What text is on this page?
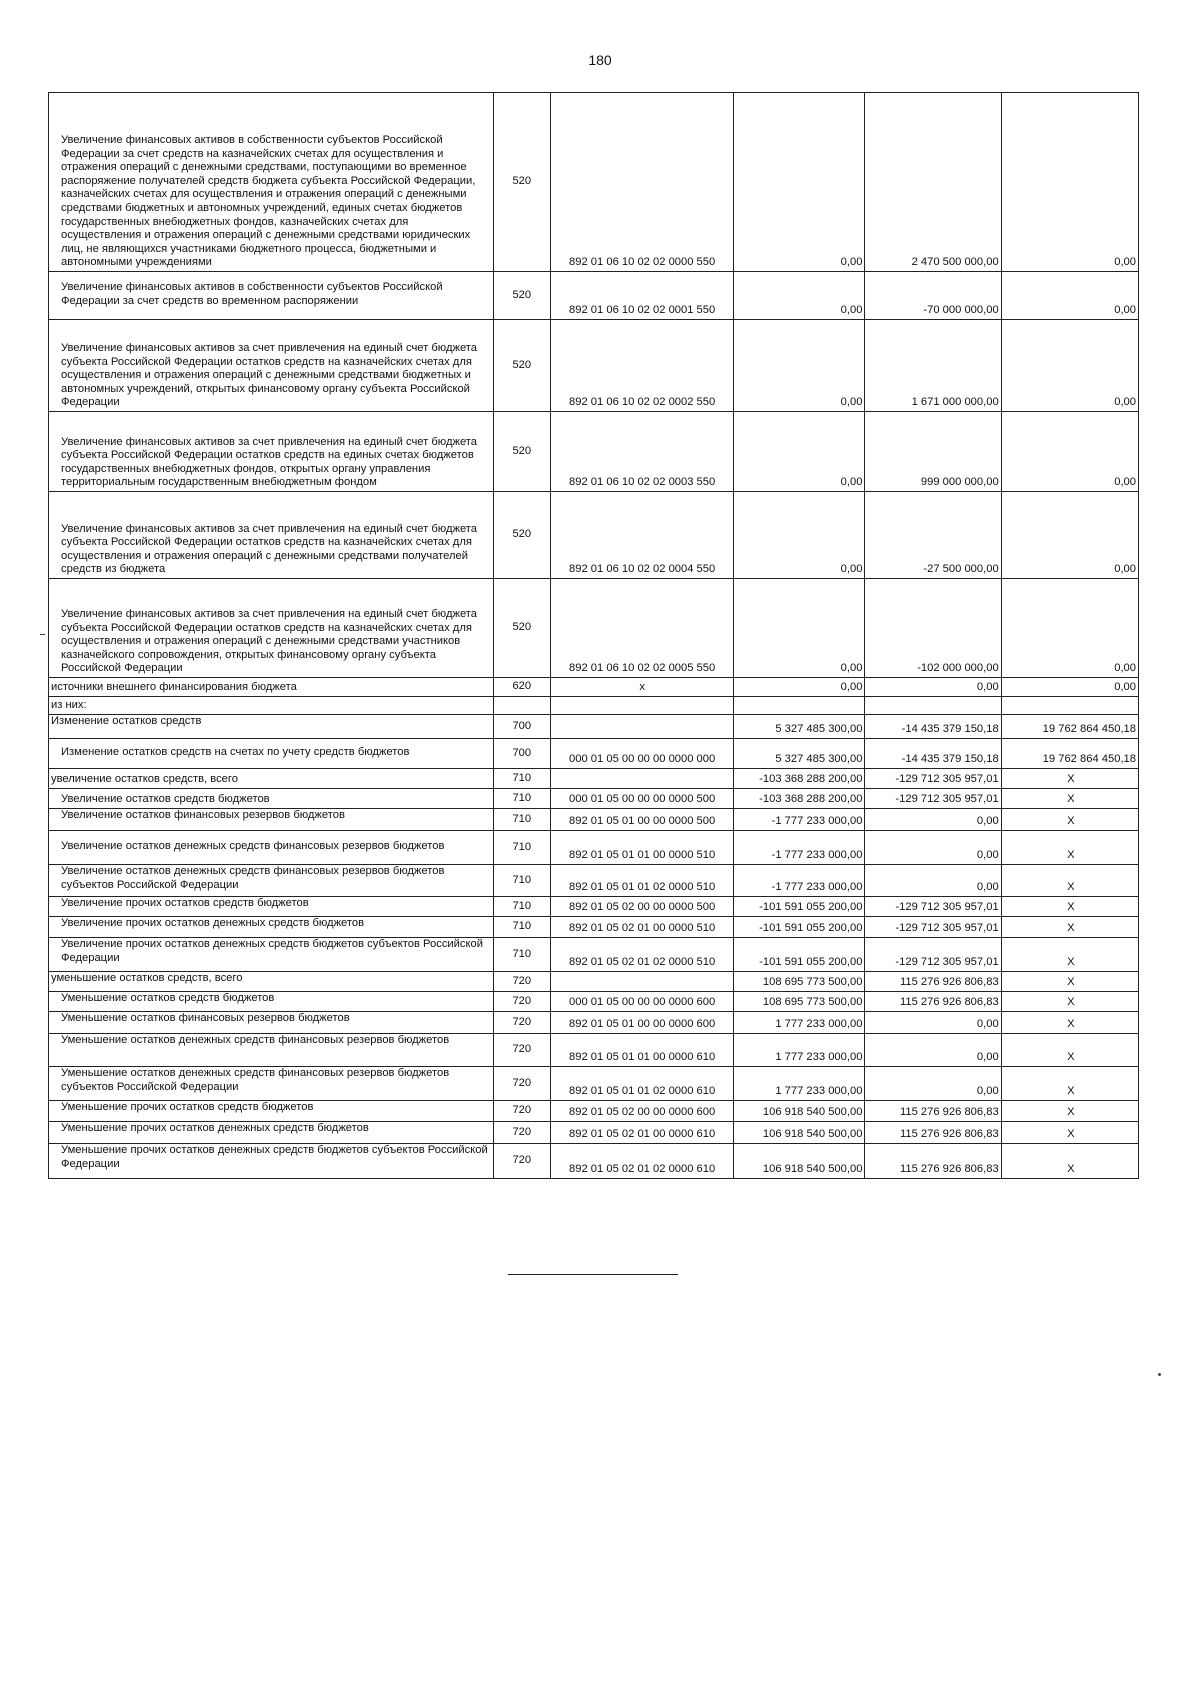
180
Увеличение финансовых активов в собственности субъектов Российской Федерации за счет средств на казначейских счетах для осуществления и отражения операций с денежными средствами, поступающими во временное распоряжение получателей средств бюджета субъекта Российской Федерации, казначейских счетах для осуществления и отражения операций с денежными средствами бюджетных и автономных учреждений, единых счетах бюджетов государственных внебюджетных фондов, казначейских счетах для осуществления и отражения операций с денежными средствами юридических лиц, не являющихся участниками бюджетного процесса, бюджетными и автономными учреждениями	520	892 01 06 10 02 02 0000 550	0,00	2 470 500 000,00	0,00
Увеличение финансовых активов в собственности субъектов Российской Федерации за счет средств во временном распоряжении	520	892 01 06 10 02 02 0001 550	0,00	-70 000 000,00	0,00
Увеличение финансовых активов за счет привлечения на единый счет бюджета субъекта Российской Федерации остатков средств на казначейских счетах для осуществления и отражения операций с денежными средствами бюджетных и автономных учреждений, открытых финансовому органу субъекта Российской Федерации	520	892 01 06 10 02 02 0002 550	0,00	1 671 000 000,00	0,00
Увеличение финансовых активов за счет привлечения на единый счет бюджета субъекта Российской Федерации остатков средств на единых счетах бюджетов государственных внебюджетных фондов, открытых органу управления территориальным государственным внебюджетным фондом	520	892 01 06 10 02 02 0003 550	0,00	999 000 000,00	0,00
Увеличение финансовых активов за счет привлечения на единый счет бюджета субъекта Российской Федерации остатков средств на казначейских счетах для осуществления и отражения операций с денежными средствами получателей средств из бюджета	520	892 01 06 10 02 02 0004 550	0,00	-27 500 000,00	0,00
Увеличение финансовых активов за счет привлечения на единый счет бюджета субъекта Российской Федерации остатков средств на казначейских счетах для осуществления и отражения операций с денежными средствами участников казначейского сопровождения, открытых финансовому органу субъекта Российской Федерации	520	892 01 06 10 02 02 0005 550	0,00	-102 000 000,00	0,00
источники внешнего финансирования бюджета	620	x	0,00	0,00	0,00
из них:					
Изменение остатков средств	700		5 327 485 300,00	-14 435 379 150,18	19 762 864 450,18
Изменение остатков средств на счетах по учету средств бюджетов	700	000 01 05 00 00 00 0000 000	5 327 485 300,00	-14 435 379 150,18	19 762 864 450,18
увеличение остатков средств, всего	710		-103 368 288 200,00	-129 712 305 957,01	X
Увеличение остатков средств бюджетов	710	000 01 05 00 00 00 0000 500	-103 368 288 200,00	-129 712 305 957,01	X
Увеличение остатков финансовых резервов бюджетов	710	892 01 05 01 00 00 0000 500	-1 777 233 000,00	0,00	X
Увеличение остатков денежных средств финансовых резервов бюджетов	710	892 01 05 01 01 00 0000 510	-1 777 233 000,00	0,00	X
Увеличение остатков денежных средств финансовых резервов бюджетов субъектов Российской Федерации	710	892 01 05 01 01 02 0000 510	-1 777 233 000,00	0,00	X
Увеличение прочих остатков средств бюджетов	710	892 01 05 02 00 00 0000 500	-101 591 055 200,00	-129 712 305 957,01	X
Увеличение прочих остатков денежных средств бюджетов	710	892 01 05 02 01 00 0000 510	-101 591 055 200,00	-129 712 305 957,01	X
Увеличение прочих остатков денежных средств бюджетов субъектов Российской Федерации	710	892 01 05 02 01 02 0000 510	-101 591 055 200,00	-129 712 305 957,01	X
уменьшение остатков средств, всего	720		108 695 773 500,00	115 276 926 806,83	X
Уменьшение остатков средств бюджетов	720	000 01 05 00 00 00 0000 600	108 695 773 500,00	115 276 926 806,83	X
Уменьшение остатков финансовых резервов бюджетов	720	892 01 05 01 00 00 0000 600	1 777 233 000,00	0,00	X
Уменьшение остатков денежных средств финансовых резервов бюджетов	720	892 01 05 01 01 00 0000 610	1 777 233 000,00	0,00	X
Уменьшение остатков денежных средств финансовых резервов бюджетов субъектов Российской Федерации	720	892 01 05 01 01 02 0000 610	1 777 233 000,00	0,00	X
Уменьшение прочих остатков средств бюджетов	720	892 01 05 02 00 00 0000 600	106 918 540 500,00	115 276 926 806,83	X
Уменьшение прочих остатков денежных средств бюджетов	720	892 01 05 02 01 00 0000 610	106 918 540 500,00	115 276 926 806,83	X
Уменьшение прочих остатков денежных средств бюджетов субъектов Российской Федерации	720	892 01 05 02 01 02 0000 610	106 918 540 500,00	115 276 926 806,83	X
